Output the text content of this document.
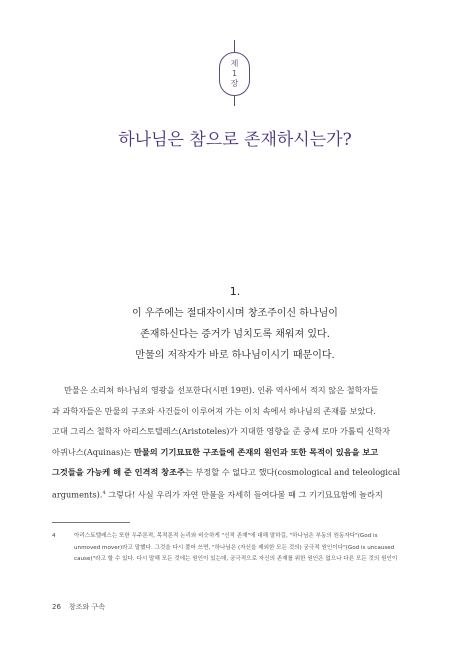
제
1
장
하나님은 참으로 존재하시는가?
1.
이 우주에는 절대자이시며 창조주이신 하나님이
존재하신다는 증거가 넘치도록 채워져 있다.
만물의 저작자가 바로 하나님이시기 때문이다.
만물은 소리쳐 하나님의 영광을 선포한다(시편 19편). 인류 역사에서 적지 않은 철학자들
과 과학자들은 만물의 구조와 사건들이 이루어져 가는 이치 속에서 하나님의 존재를 보았다.
고대 그리스 철학자 아리스토텔레스(Aristoteles)가 지대한 영향을 준 중세 로마 가톨릭 신학자
아퀴나스(Aquinas)는 만물의 기기묘묘한 구조들에 존재의 원인과 또한 목적이 있음을 보고
그것들을 가능케 해 준 인격적 창조주는 부정할 수 없다고 했다(cosmological and teleological
arguments).$^4$ 그렇다! 사실 우리가 자연 만물을 자세히 들여다볼 때 그 기기묘묘함에 놀라지
4	아리스토텔레스는 또한 우주론적, 목적론적 논리와 비슷하게 "신적 존재"에 대해 말하길, "하나님은 부동의 원동자다"(God is
unmoved mover)라고 말했다. 그것을 다시 풀어 쓰면, "하나님은 (자신을 제외한 모든 것의) 궁극적 원인이다"(God is uncaused
cause)"라고 할 수 있다. 다시 말해 모든 것에는 원인이 있는데, 궁극적으로 자신의 존재를 위한 원인은 없으나 다른 모든 것의 원인이
26 창조와 구속
